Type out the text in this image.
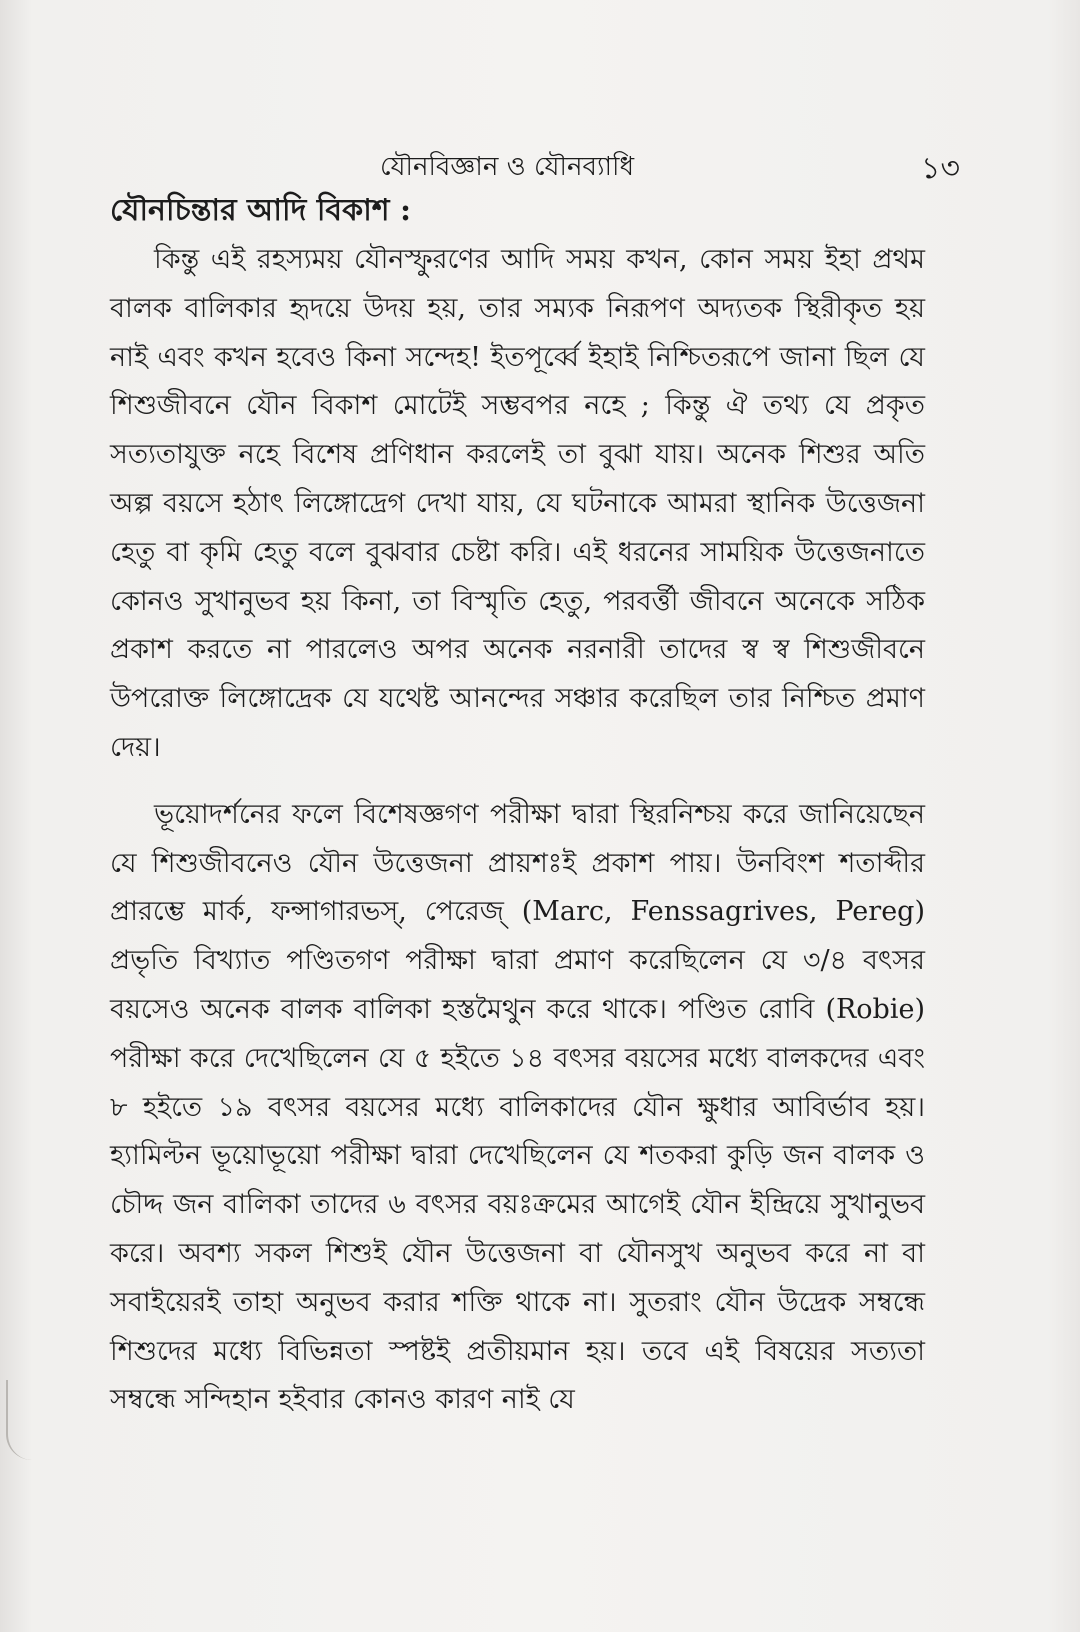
যৌনবিজ্ঞান ও যৌনব্যাধি	১৩
যৌনচিন্তার আদি বিকাশ :

কিন্তু এই রহস্যময় যৌনস্ফুরণের আদি সময় কখন, কোন সময় ইহা প্রথম বালক বালিকার হৃদয়ে উদয় হয়, তার সম্যক নিরূপণ অদ্যতক স্থিরীকৃত হয় নাই এবং কখন হবেও কিনা সন্দেহ! ইতপূর্ব্বে ইহাই নিশ্চিতরূপে জানা ছিল যে শিশুজীবনে যৌন বিকাশ মোটেই সম্ভবপর নহে ; কিন্তু ঐ তথ্য যে প্রকৃত সত্যতাযুক্ত নহে বিশেষ প্রণিধান করলেই তা বুঝা যায়। অনেক শিশুর অতি অল্প বয়সে হঠাৎ লিঙ্গোদ্রেগ দেখা যায়, যে ঘটনাকে আমরা স্থানিক উত্তেজনা হেতু বা কৃমি হেতু বলে বুঝবার চেষ্টা করি। এই ধরনের সাময়িক উত্তেজনাতে কোনও সুখানুভব হয় কিনা, তা বিস্মৃতি হেতু, পরবর্ত্তী জীবনে অনেকে সঠিক প্রকাশ করতে না পারলেও অপর অনেক নরনারী তাদের স্ব স্ব শিশুজীবনে উপরোক্ত লিঙ্গোদ্রেক যে যথেষ্ট আনন্দের সঞ্চার করেছিল তার নিশ্চিত প্রমাণ দেয়।

ভূয়োদর্শনের ফলে বিশেষজ্ঞগণ পরীক্ষা দ্বারা স্থিরনিশ্চয় করে জানিয়েছেন যে শিশুজীবনেও যৌন উত্তেজনা প্রায়শঃই প্রকাশ পায়। উনবিংশ শতাব্দীর প্রারম্ভে মার্ক, ফন্সাগারভস্, পেরেজ্ (Marc, Fenssagrives, Pereg) প্রভৃতি বিখ্যাত পণ্ডিতগণ পরীক্ষা দ্বারা প্রমাণ করেছিলেন যে ৩/৪ বৎসর বয়সেও অনেক বালক বালিকা হস্তমৈথুন করে থাকে। পণ্ডিত রোবি (Robie) পরীক্ষা করে দেখেছিলেন যে ৫ হইতে ১৪ বৎসর বয়সের মধ্যে বালকদের এবং ৮ হইতে ১৯ বৎসর বয়সের মধ্যে বালিকাদের যৌন ক্ষুধার আবির্ভাব হয়। হ্যামিল্টন ভূয়োভূয়ো পরীক্ষা দ্বারা দেখেছিলেন যে শতকরা কুড়ি জন বালক ও চৌদ্দ জন বালিকা তাদের ৬ বৎসর বয়ঃক্রমের আগেই যৌন ইন্দ্রিয়ে সুখানুভব করে। অবশ্য সকল শিশুই যৌন উত্তেজনা বা যৌনসুখ অনুভব করে না বা সবাইয়েরই তাহা অনুভব করার শক্তি থাকে না। সুতরাং যৌন উদ্রেক সম্বন্ধে শিশুদের মধ্যে বিভিন্নতা স্পষ্টই প্রতীয়মান হয়। তবে এই বিষয়ের সত্যতা সম্বন্ধে সন্দিহান হইবার কোনও কারণ নাই যে
